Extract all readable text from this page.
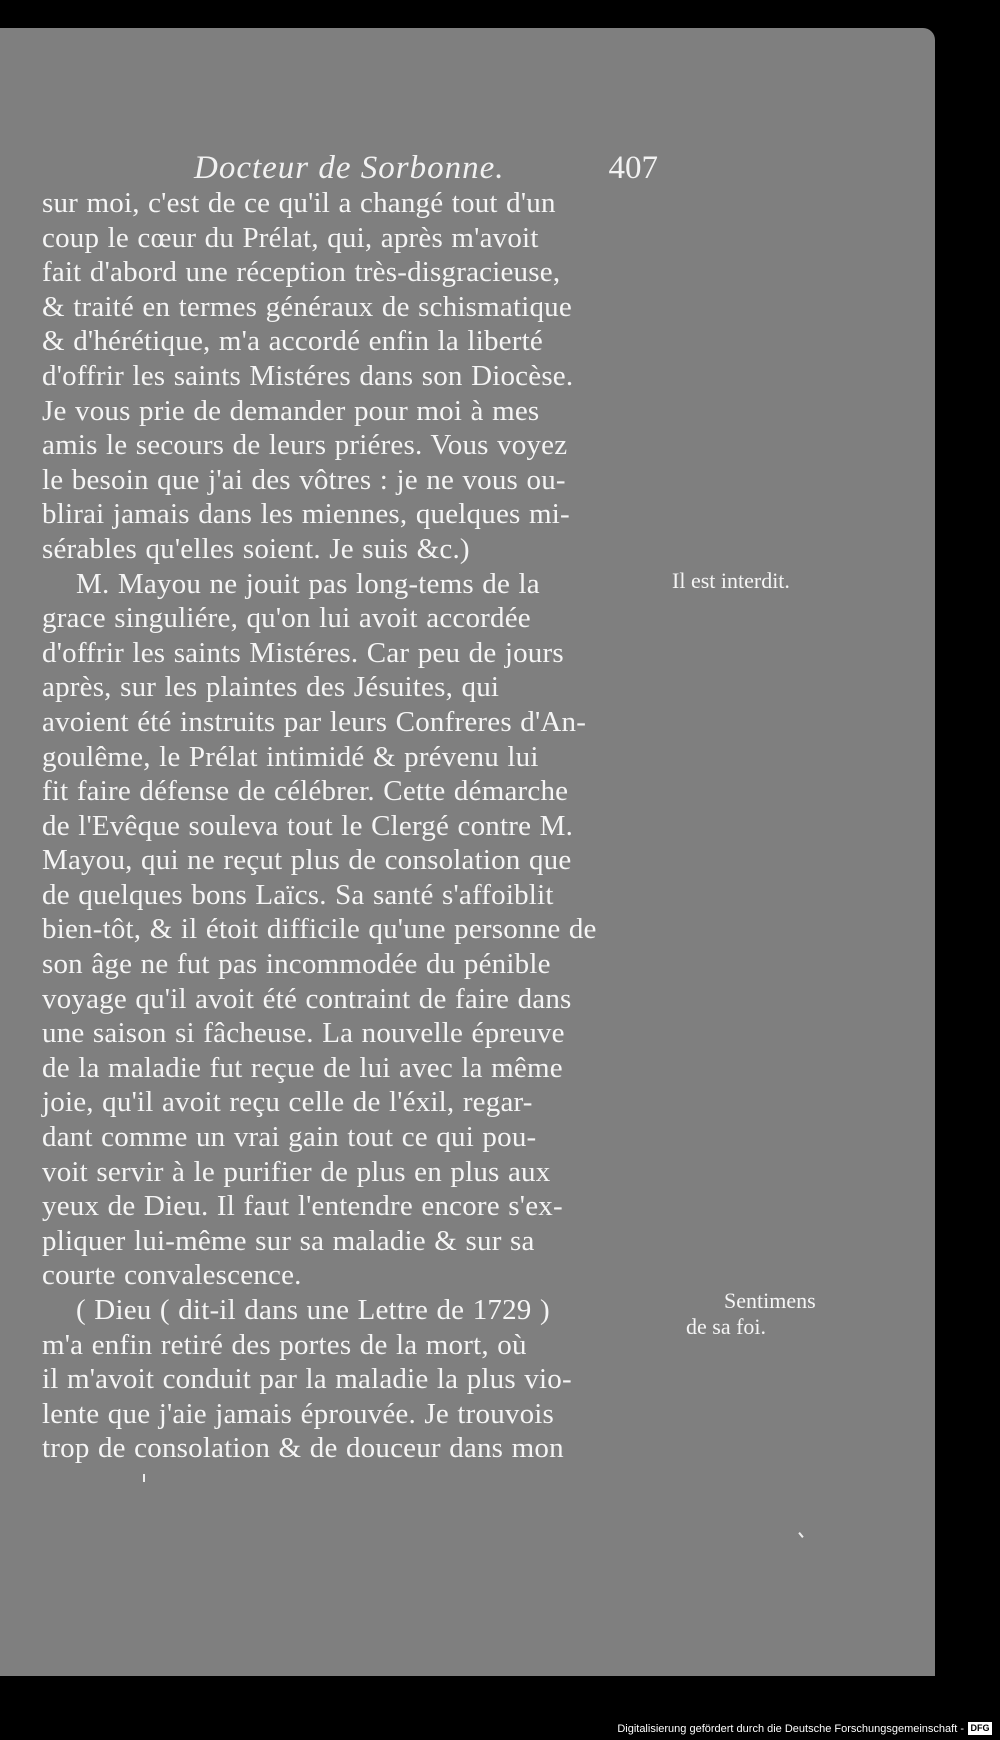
Docteur de Sorbonne.	407
sur moi, c'est de ce qu'il a changé tout d'un
coup le cœur du Prélat, qui, après m'avoit
fait d'abord une réception très-disgracieuse,
& traité en termes généraux de schismatique
& d'hérétique, m'a accordé enfin la liberté
d'offrir les saints Mistéres dans son Diocèse.
Je vous prie de demander pour moi à mes
amis le secours de leurs priéres. Vous voyez
le besoin que j'ai des vôtres : je ne vous ou-
blirai jamais dans les miennes, quelques mi-
sérables qu'elles soient. Je suis &c.)
M. Mayou ne jouit pas long-tems de la
grace singuliére, qu'on lui avoit accordée
d'offrir les saints Mistéres. Car peu de jours
après, sur les plaintes des Jésuites, qui
avoient été instruits par leurs Confreres d'An-
goulême, le Prélat intimidé & prévenu lui
fit faire défense de célébrer. Cette démarche
de l'Evêque souleva tout le Clergé contre M.
Mayou, qui ne reçut plus de consolation que
de quelques bons Laïcs. Sa santé s'affoiblit
bien-tôt, & il étoit difficile qu'une personne de
son âge ne fut pas incommodée du pénible
voyage qu'il avoit été contraint de faire dans
une saison si fâcheuse. La nouvelle épreuve
de la maladie fut reçue de lui avec la même
joie, qu'il avoit reçu celle de l'éxil, regar-
dant comme un vrai gain tout ce qui pou-
voit servir à le purifier de plus en plus aux
yeux de Dieu. Il faut l'entendre encore s'ex-
pliquer lui-même sur sa maladie & sur sa
courte convalescence.
( Dieu ( dit-il dans une Lettre de 1729 )
m'a enfin retiré des portes de la mort, où
il m'avoit conduit par la maladie la plus vio-
lente que j'aie jamais éprouvée. Je trouvois
trop de consolation & de douceur dans mon
Il est interdit.
Sentimens
de sa foi.
Digitalisierung gefördert durch die Deutsche Forschungsgemeinschaft - DFG
